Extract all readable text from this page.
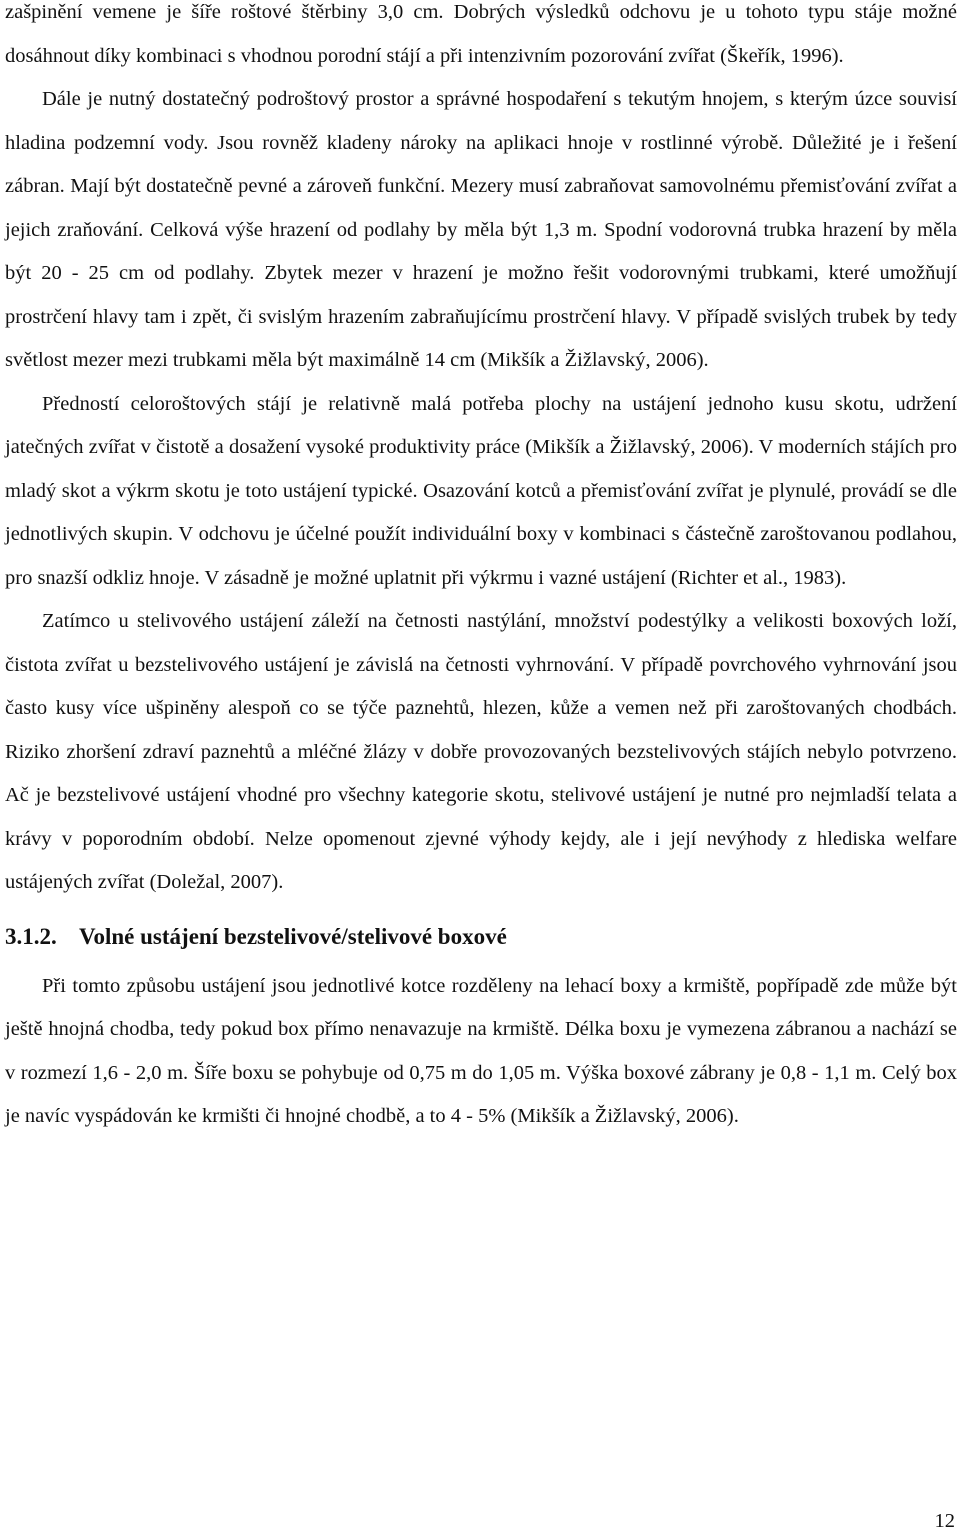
zašpinění vemene je šíře roštové štěrbiny 3,0 cm. Dobrých výsledků odchovu je u tohoto typu stáje možné dosáhnout díky kombinaci s vhodnou porodní stájí a při intenzivním pozorování zvířat (Škeřík, 1996).

Dále je nutný dostatečný podroštový prostor a správné hospodaření s tekutým hnojem, s kterým úzce souvisí hladina podzemní vody. Jsou rovněž kladeny nároky na aplikaci hnoje v rostlinné výrobě. Důležité je i řešení zábran. Mají být dostatečně pevné a zároveň funkční. Mezery musí zabraňovat samovolnému přemisťování zvířat a jejich zraňování. Celková výše hrazení od podlahy by měla být 1,3 m. Spodní vodorovná trubka hrazení by měla být 20 - 25 cm od podlahy. Zbytek mezer v hrazení je možno řešit vodorovnými trubkami, které umožňují prostrčení hlavy tam i zpět, či svislým hrazením zabraňujícímu prostrčení hlavy. V případě svislých trubek by tedy světlost mezer mezi trubkami měla být maximálně 14 cm (Mikšík a Žižlavský, 2006).

Předností celoroštových stájí je relativně malá potřeba plochy na ustájení jednoho kusu skotu, udržení jatečných zvířat v čistotě a dosažení vysoké produktivity práce (Mikšík a Žižlavský, 2006). V moderních stájích pro mladý skot a výkrm skotu je toto ustájení typické. Osazování kotců a přemisťování zvířat je plynulé, provádí se dle jednotlivých skupin. V odchovu je účelné použít individuální boxy v kombinaci s částečně zaroštovanou podlahou, pro snazší odkliz hnoje. V zásadně je možné uplatnit při výkrmu i vazné ustájení (Richter et al., 1983).

Zatímco u stelivového ustájení záleží na četnosti nastýlání, množství podestýlky a velikosti boxových loží, čistota zvířat u bezstelivového ustájení je závislá na četnosti vyhrnování. V případě povrchového vyhrnování jsou často kusy více ušpiněny alespoň co se týče paznehtů, hlezen, kůže a vemen než při zaroštovaných chodbách. Riziko zhoršení zdraví paznehtů a mléčné žlázy v dobře provozovaných bezstelivových stájích nebylo potvrzeno. Ač je bezstelivové ustájení vhodné pro všechny kategorie skotu, stelivové ustájení je nutné pro nejmladší telata a krávy v poporodním období. Nelze opomenout zjevné výhody kejdy, ale i její nevýhody z hlediska welfare ustájených zvířat (Doležal, 2007).

3.1.2. Volné ustájení bezstelivové/stelivové boxové

Při tomto způsobu ustájení jsou jednotlivé kotce rozděleny na lehací boxy a krmiště, popřípadě zde může být ještě hnojná chodba, tedy pokud box přímo nenavazuje na krmiště. Délka boxu je vymezena zábranou a nachází se v rozmezí 1,6 - 2,0 m. Šíře boxu se pohybuje od 0,75 m do 1,05 m. Výška boxové zábrany je 0,8 - 1,1 m. Celý box je navíc vyspádován ke krmišti či hnojné chodbě, a to 4 - 5% (Mikšík a Žižlavský, 2006).

12
